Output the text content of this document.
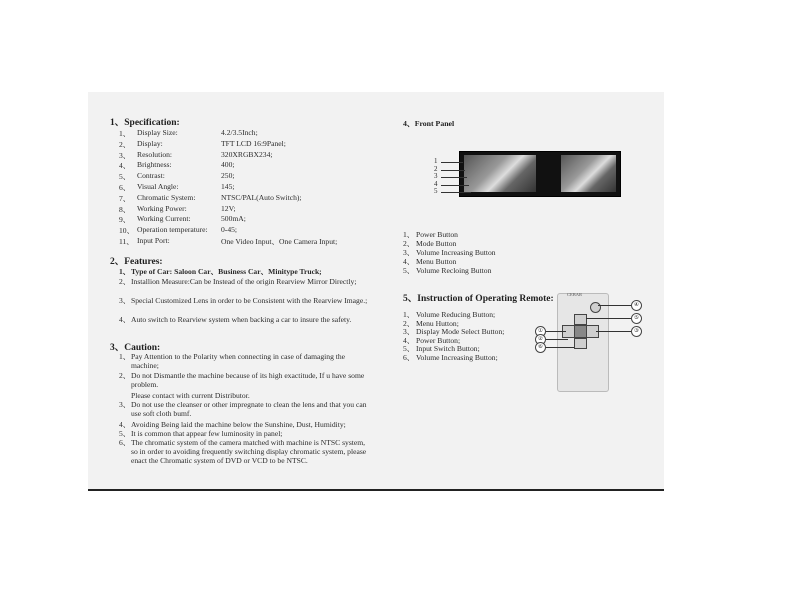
1、Specification:
1、 Display Size:	4.2/3.5Inch;
2、 Display:	TFT LCD 16:9Panel;
3、 Resolution:	320XRGBX234;
4、 Brightness:	400;
5、 Contrast:	250;
6、 Visual Angle:	145;
7、 Chromatic System:	NTSC/PAL(Auto Switch);
8、 Working Power:	12V;
9、 Working Current:	500mA;
10、 Operation temperature: 0-45;
11、 Input Port:	One Video Input、One Camera Input;
2、Features:
1、 Type of Car: Saloon Car、Business Car、Minitype Truck;
2、 Installion Measure:Can be Instead of the origin Rearview Mirror Directly;
3、 Special Customized Lens in order to be Consistent with the Rearview Image.;
4、 Auto switch to Rearview system when backing a car to insure the safety.
3、Caution:
1、 Pay Attention to the Polarity when connecting in case of damaging the machine;
2、 Do not Dismantle the machine because of its high exactitude, If u have some problem.
Please contact with current Distributor.
3、 Do not use the cleanser or other impregnate to clean the lens and that you can use soft cloth bumf.
4、 Avoiding Being laid the machine below the Sunshine, Dust, Humidity;
5、 It is common that appear few luminosity in panel;
6、 The chromatic system of the camera matched with machine is NTSC system, so in order to avoiding frequently switching display chromatic system, please enact the Chromatic system of DVD or VCD to be NTSC.
4、Front Panel
1
2
3
4
5
1、 Power Button
2、 Mode Button
3、 Volume Increasing Button
4、 Menu Button
5、 Volume Recloing Button
5、Instruction of Operating Remote:	CEBAR
①
②
③
④
⑤
⑥
1、 Volume Reducing Button;
2、 Menu Hutton;
3、 Display Mode Select Button;
4、 Power Button;
5、 Input Switch Button;
6、 Volume Increasing Button;
